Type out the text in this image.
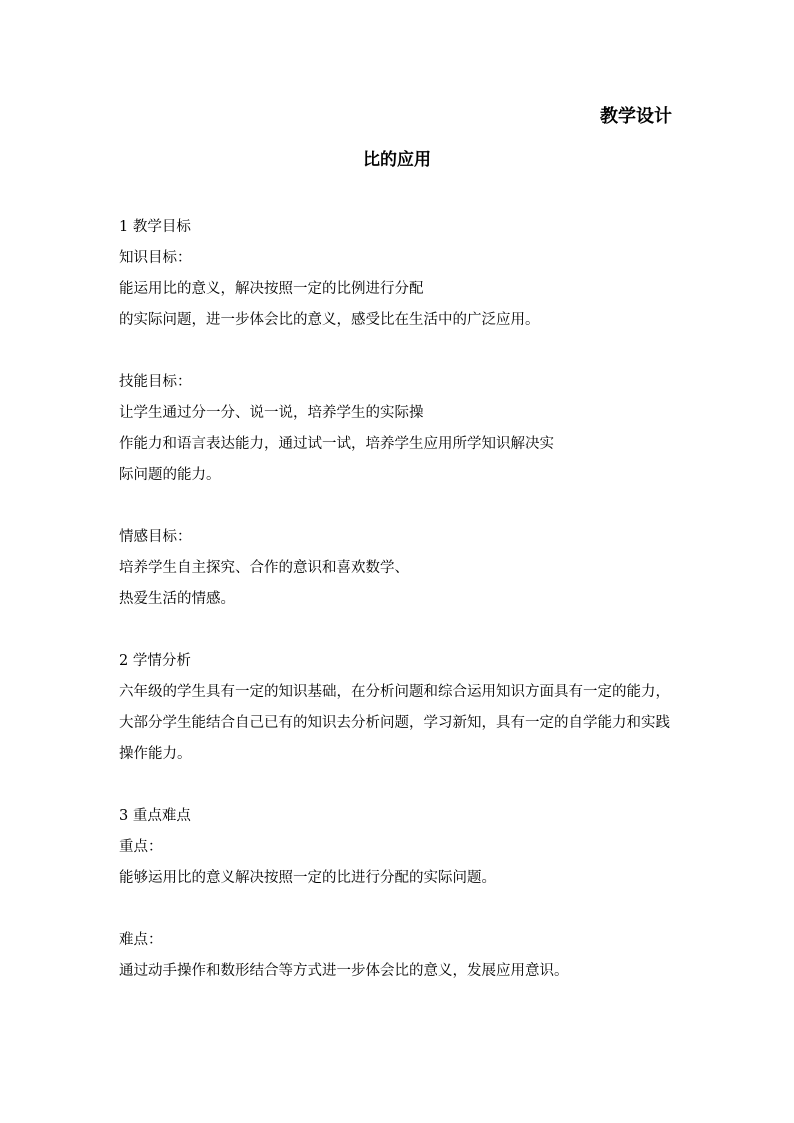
教学设计
比的应用

1 教学目标

知识目标：

能运用比的意义，解决按照一定的比例进行分配

的实际问题，进一步体会比的意义，感受比在生活中的广泛应用。

技能目标：

让学生通过分一分、说一说，培养学生的实际操

作能力和语言表达能力，通过试一试，培养学生应用所学知识解决实

际问题的能力。

情感目标：

培养学生自主探究、合作的意识和喜欢数学、

热爱生活的情感。

2 学情分析

六年级的学生具有一定的知识基础，在分析问题和综合运用知识方面具有一定的能力，大部分学生能结合自己已有的知识去分析问题，学习新知，具有一定的自学能力和实践操作能力。

3 重点难点

重点：

能够运用比的意义解决按照一定的比进行分配的实际问题。

难点：

通过动手操作和数形结合等方式进一步体会比的意义，发展应用意识。
